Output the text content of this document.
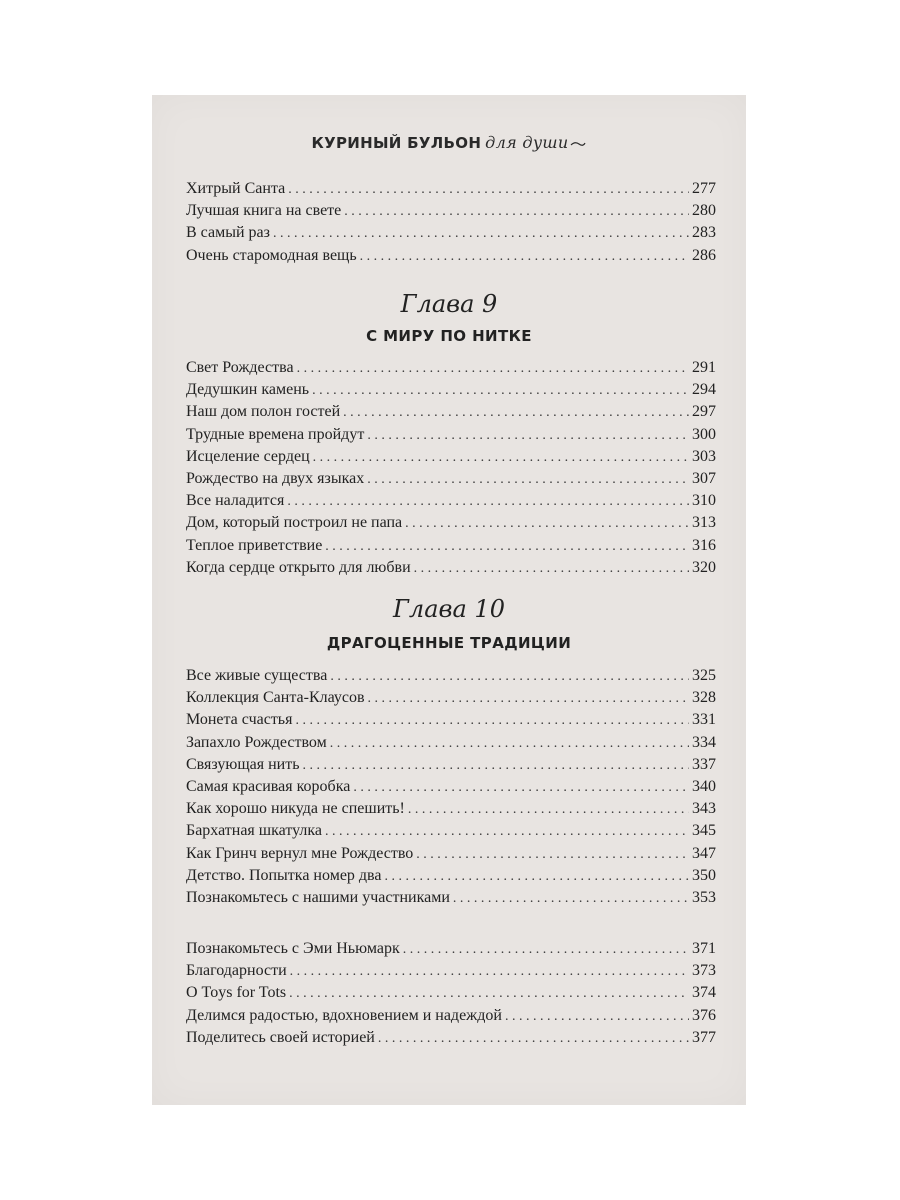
КУРИНЫЙ БУЛЬОН для души
Хитрый Санта . . .	277
Лучшая книга на свете . . .	280
В самый раз . . .	283
Очень старомодная вещь . . .	286
Глава 9
С МИРУ ПО НИТКЕ
Свет Рождества . . .	291
Дедушкин камень . . .	294
Наш дом полон гостей . . .	297
Трудные времена пройдут . . .	300
Исцеление сердец . . .	303
Рождество на двух языках . . .	307
Все наладится . . .	310
Дом, который построил не папа . . .	313
Теплое приветствие . . .	316
Когда сердце открыто для любви . . .	320
Глава 10
ДРАГОЦЕННЫЕ ТРАДИЦИИ
Все живые существа . . .	325
Коллекция Санта-Клаусов . . .	328
Монета счастья . . .	331
Запахло Рождеством . . .	334
Связующая нить . . .	337
Самая красивая коробка . . .	340
Как хорошо никуда не спешить! . . .	343
Бархатная шкатулка . . .	345
Как Гринч вернул мне Рождество . . .	347
Детство. Попытка номер два . . .	350
Познакомьтесь с нашими участниками . . .	353
Познакомьтесь с Эми Ньюмарк . . .	371
Благодарности . . .	373
О Toys for Tots . . .	374
Делимся радостью, вдохновением и надеждой . . .	376
Поделитесь своей историей . . .	377
